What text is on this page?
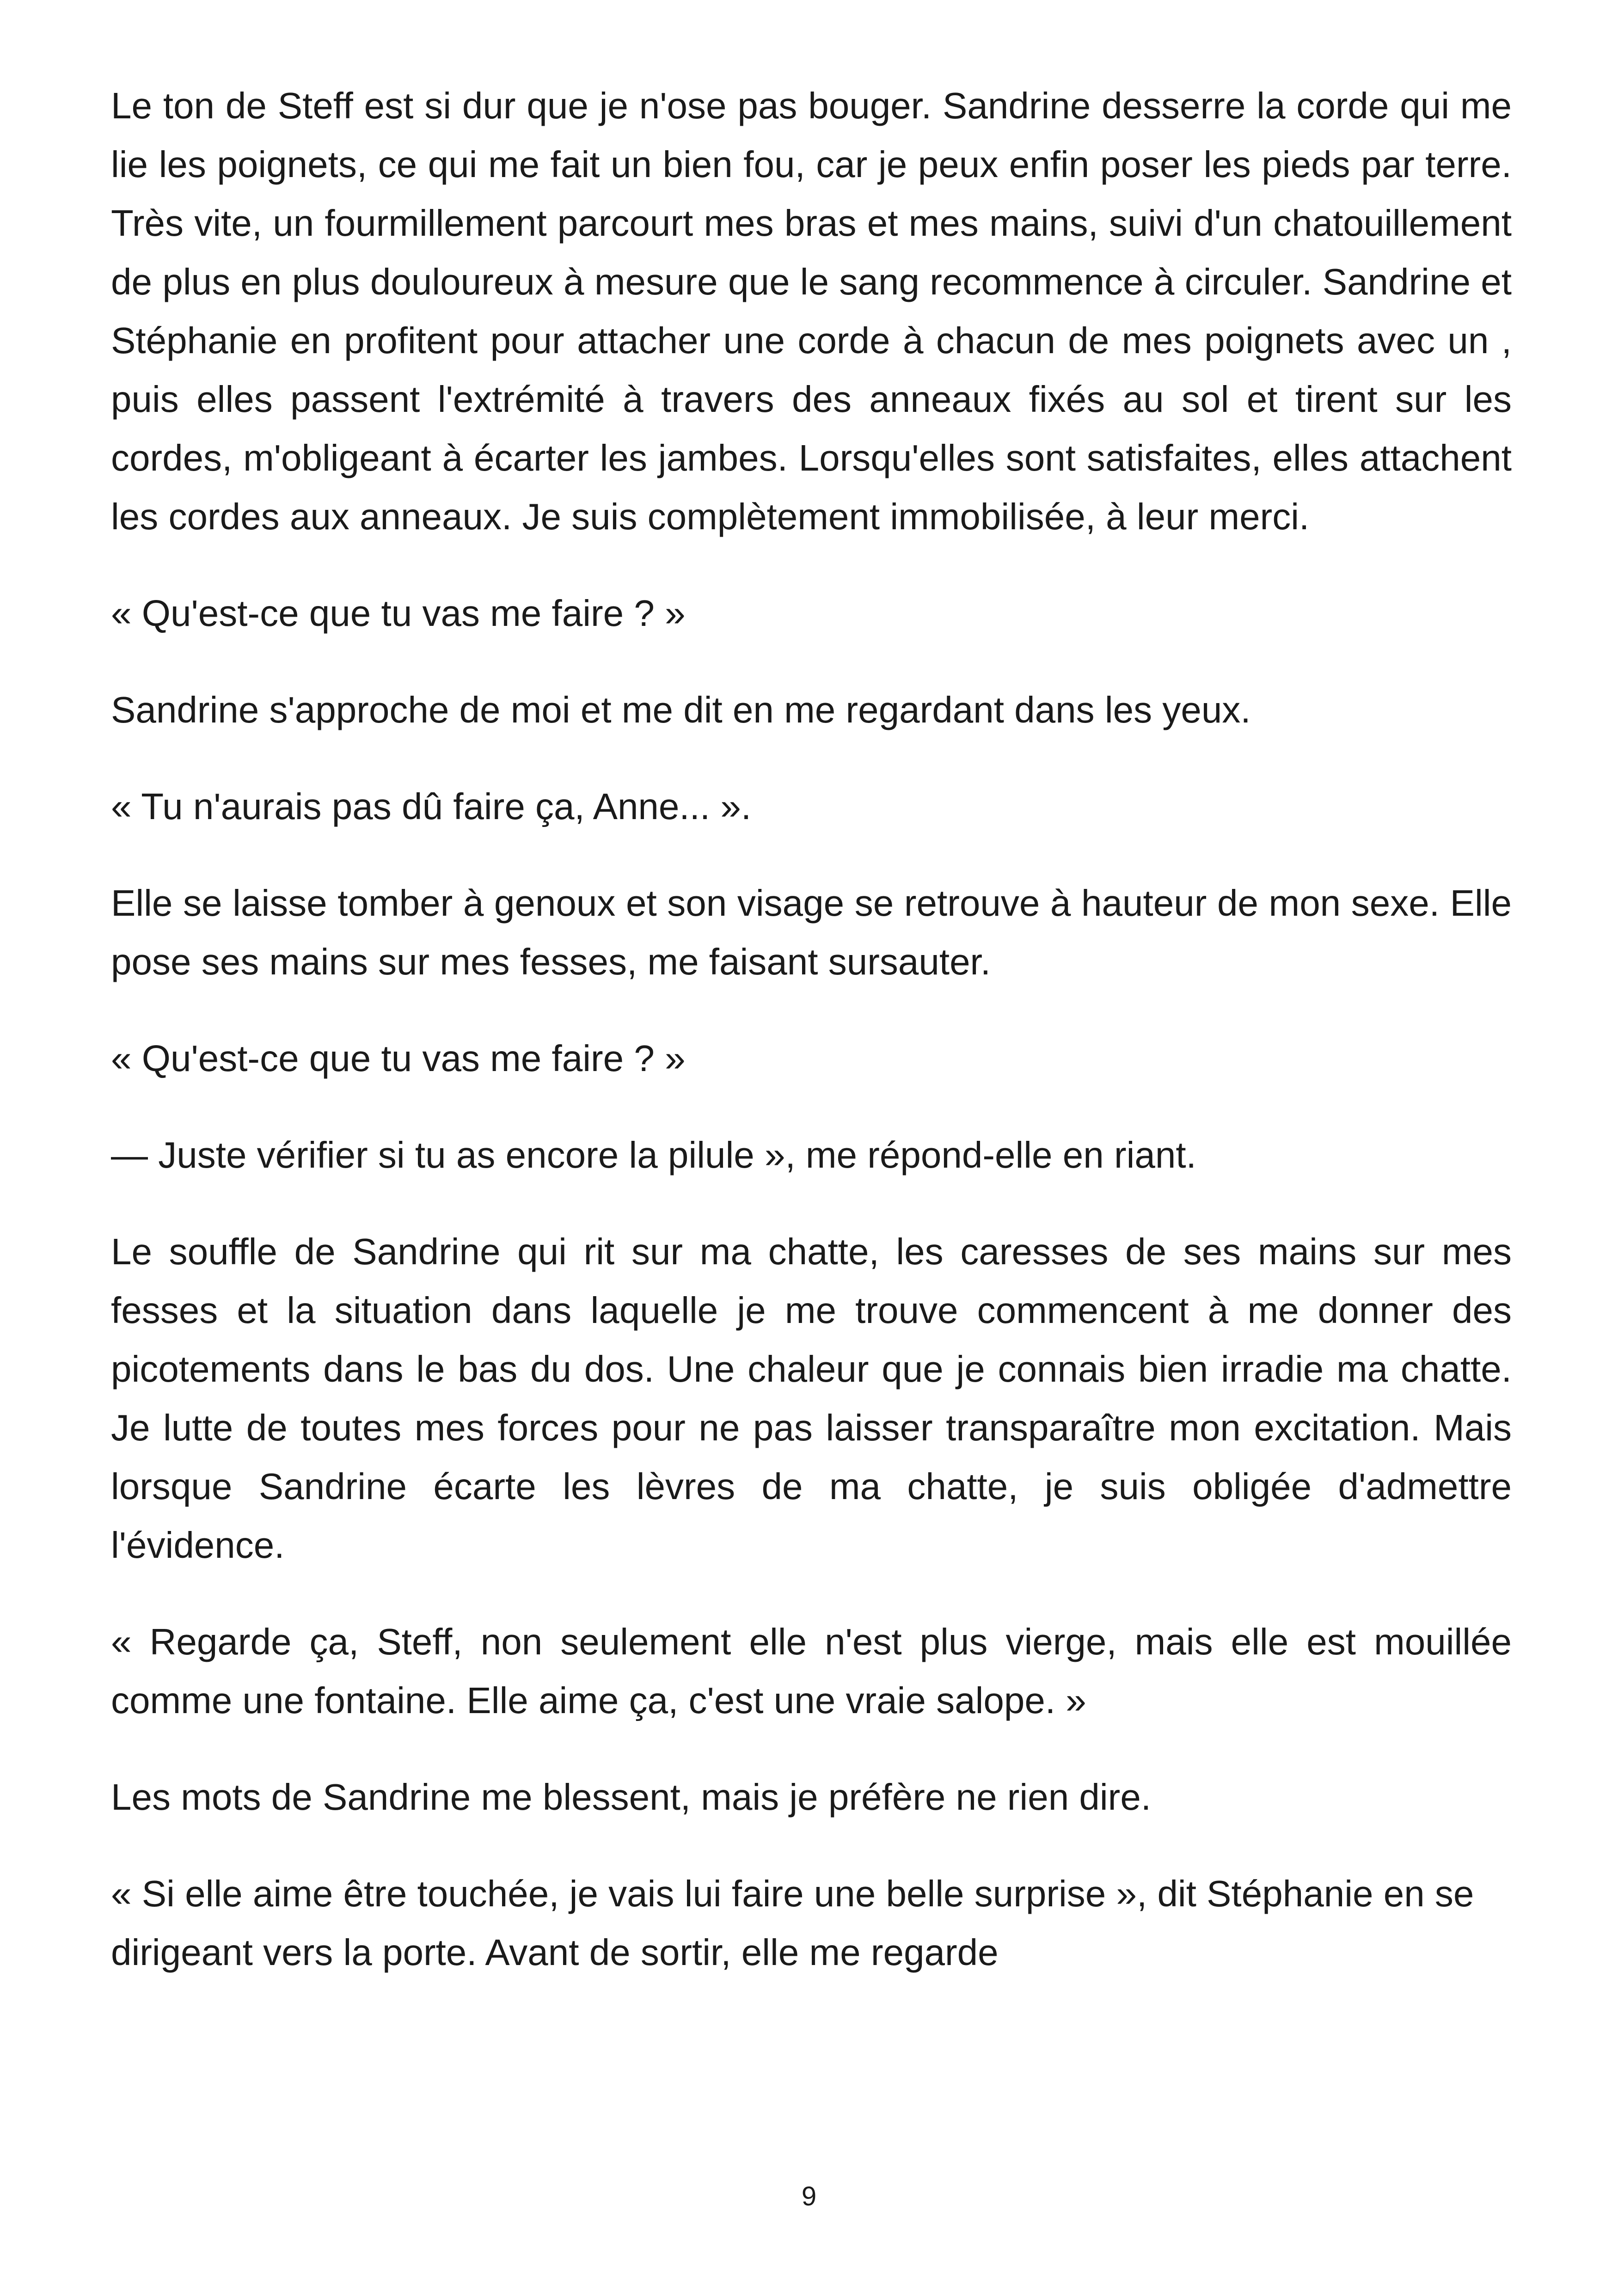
Le ton de Steff est si dur que je n'ose pas bouger. Sandrine desserre la corde qui me lie les poignets, ce qui me fait un bien fou, car je peux enfin poser les pieds par terre. Très vite, un fourmillement parcourt mes bras et mes mains, suivi d'un chatouillement de plus en plus douloureux à mesure que le sang recommence à circuler. Sandrine et Stéphanie en profitent pour attacher une corde à chacun de mes poignets avec un , puis elles passent l'extrémité à travers des anneaux fixés au sol et tirent sur les cordes, m'obligeant à écarter les jambes. Lorsqu'elles sont satisfaites, elles attachent les cordes aux anneaux. Je suis complètement immobilisée, à leur merci.

« Qu'est-ce que tu vas me faire ? »

Sandrine s'approche de moi et me dit en me regardant dans les yeux.

« Tu n'aurais pas dû faire ça, Anne... ».

Elle se laisse tomber à genoux et son visage se retrouve à hauteur de mon sexe. Elle pose ses mains sur mes fesses, me faisant sursauter.

« Qu'est-ce que tu vas me faire ? »

— Juste vérifier si tu as encore la pilule », me répond-elle en riant.

Le souffle de Sandrine qui rit sur ma chatte, les caresses de ses mains sur mes fesses et la situation dans laquelle je me trouve commencent à me donner des picotements dans le bas du dos. Une chaleur que je connais bien irradie ma chatte. Je lutte de toutes mes forces pour ne pas laisser transparaître mon excitation. Mais lorsque Sandrine écarte les lèvres de ma chatte, je suis obligée d'admettre l'évidence.

« Regarde ça, Steff, non seulement elle n'est plus vierge, mais elle est mouillée comme une fontaine. Elle aime ça, c'est une vraie salope. »

Les mots de Sandrine me blessent, mais je préfère ne rien dire.

« Si elle aime être touchée, je vais lui faire une belle surprise », dit Stéphanie en se dirigeant vers la porte. Avant de sortir, elle me regarde

9
